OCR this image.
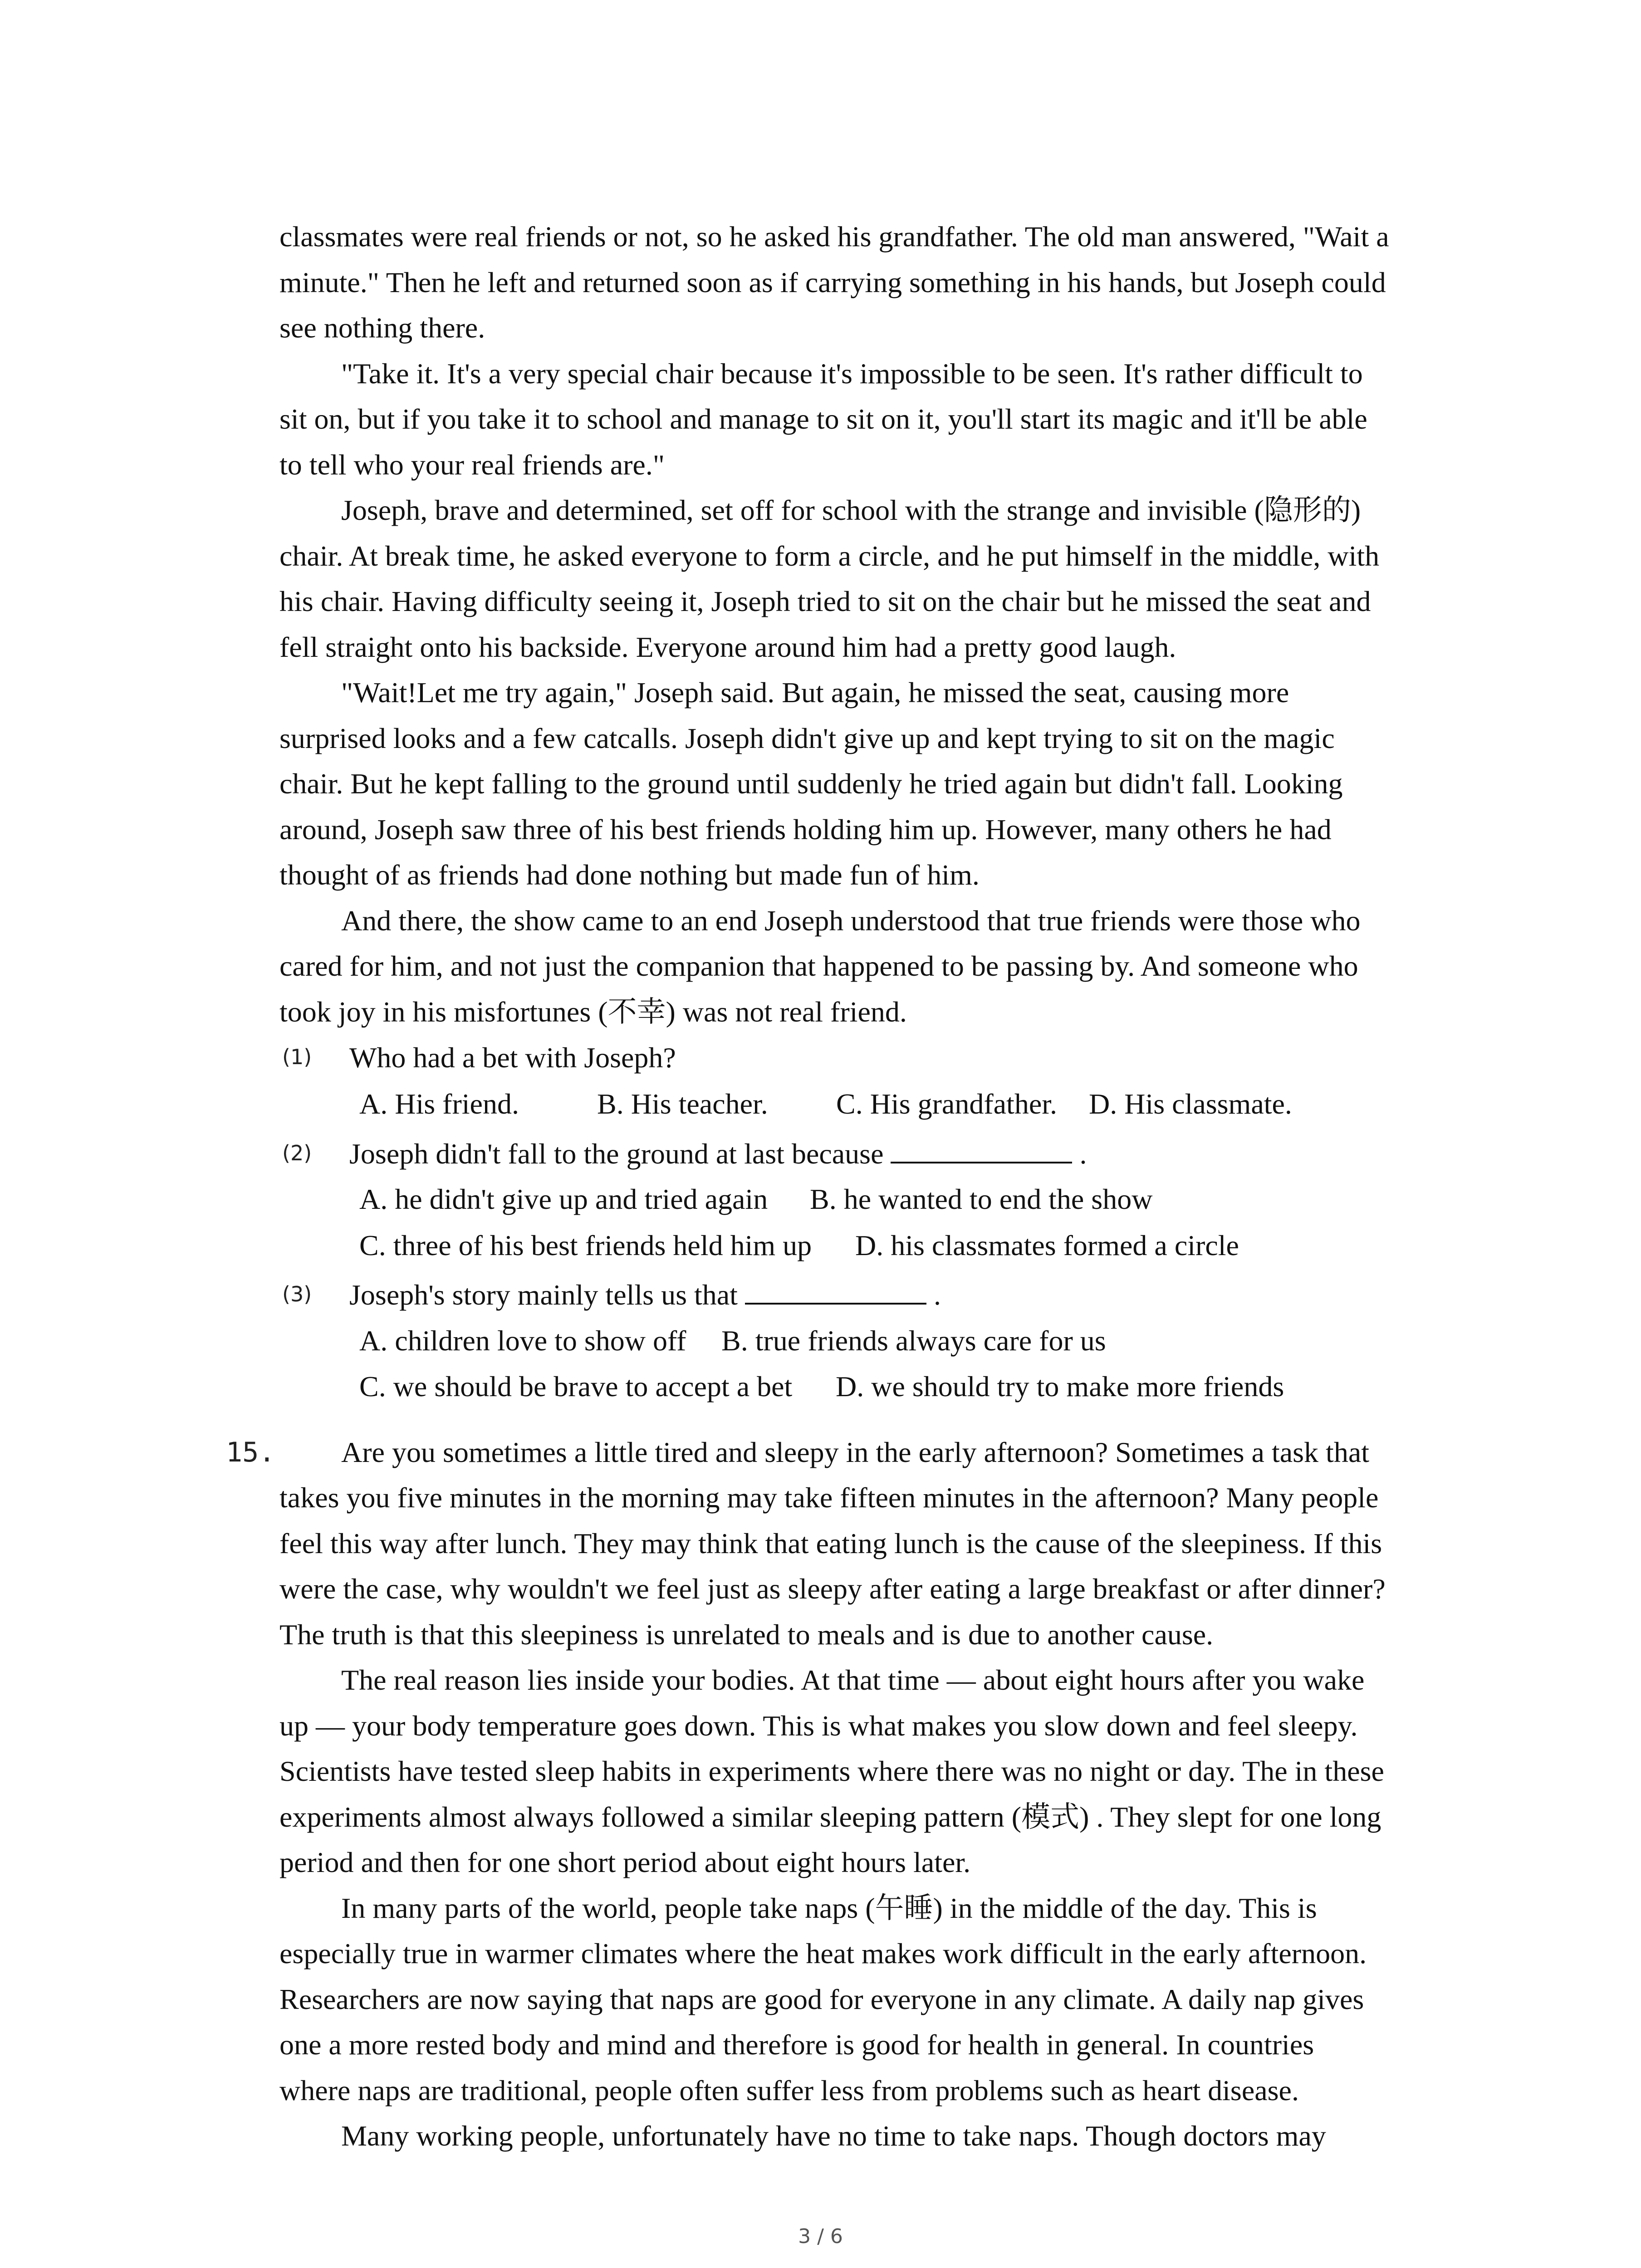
classmates were real friends or not, so he asked his grandfather. The old man answered, "Wait a
minute." Then he left and returned soon as if carrying something in his hands, but Joseph could
see nothing there.
"Take it. It's a very special chair because it's impossible to be seen. It's rather difficult to
sit on, but if you take it to school and manage to sit on it, you'll start its magic and it'll be able
to tell who your real friends are."
Joseph, brave and determined, set off for school with the strange and invisible (隐形的)
chair. At break time, he asked everyone to form a circle, and he put himself in the middle, with
his chair. Having difficulty seeing it, Joseph tried to sit on the chair but he missed the seat and
fell straight onto his backside. Everyone around him had a pretty good laugh.
"Wait!Let me try again," Joseph said. But again, he missed the seat, causing more
surprised looks and a few catcalls. Joseph didn't give up and kept trying to sit on the magic
chair. But he kept falling to the ground until suddenly he tried again but didn't fall. Looking
around, Joseph saw three of his best friends holding him up. However, many others he had
thought of as friends had done nothing but made fun of him.
And there, the show came to an end Joseph understood that true friends were those who
cared for him, and not just the companion that happened to be passing by. And someone who
took joy in his misfortunes (不幸) was not real friend.
(1) Who had a bet with Joseph?
A. His friend.	B. His teacher. C. His grandfather. D. His classmate.
(2) Joseph didn't fall to the ground at last because	.
A. he didn't give up and tried again B. he wanted to end the show
C. three of his best friends held him up D. his classmates formed a circle
(3) Joseph's story mainly tells us that	.
A. children love to show off B. true friends always care for us
C. we should be brave to accept a bet D. we should try to make more friends
15. Are you sometimes a little tired and sleepy in the early afternoon? Sometimes a task that
takes you five minutes in the morning may take fifteen minutes in the afternoon? Many people
feel this way after lunch. They may think that eating lunch is the cause of the sleepiness. If this
were the case, why wouldn't we feel just as sleepy after eating a large breakfast or after dinner?
The truth is that this sleepiness is unrelated to meals and is due to another cause.
The real reason lies inside your bodies. At that time — about eight hours after you wake
up — your body temperature goes down. This is what makes you slow down and feel sleepy.
Scientists have tested sleep habits in experiments where there was no night or day. The in these
experiments almost always followed a similar sleeping pattern (模式) . They slept for one long
period and then for one short period about eight hours later.
In many parts of the world, people take naps (午睡) in the middle of the day. This is
especially true in warmer climates where the heat makes work difficult in the early afternoon.
Researchers are now saying that naps are good for everyone in any climate. A daily nap gives
one a more rested body and mind and therefore is good for health in general. In countries
where naps are traditional, people often suffer less from problems such as heart disease.
Many working people, unfortunately have no time to take naps. Though doctors may
3 / 6
